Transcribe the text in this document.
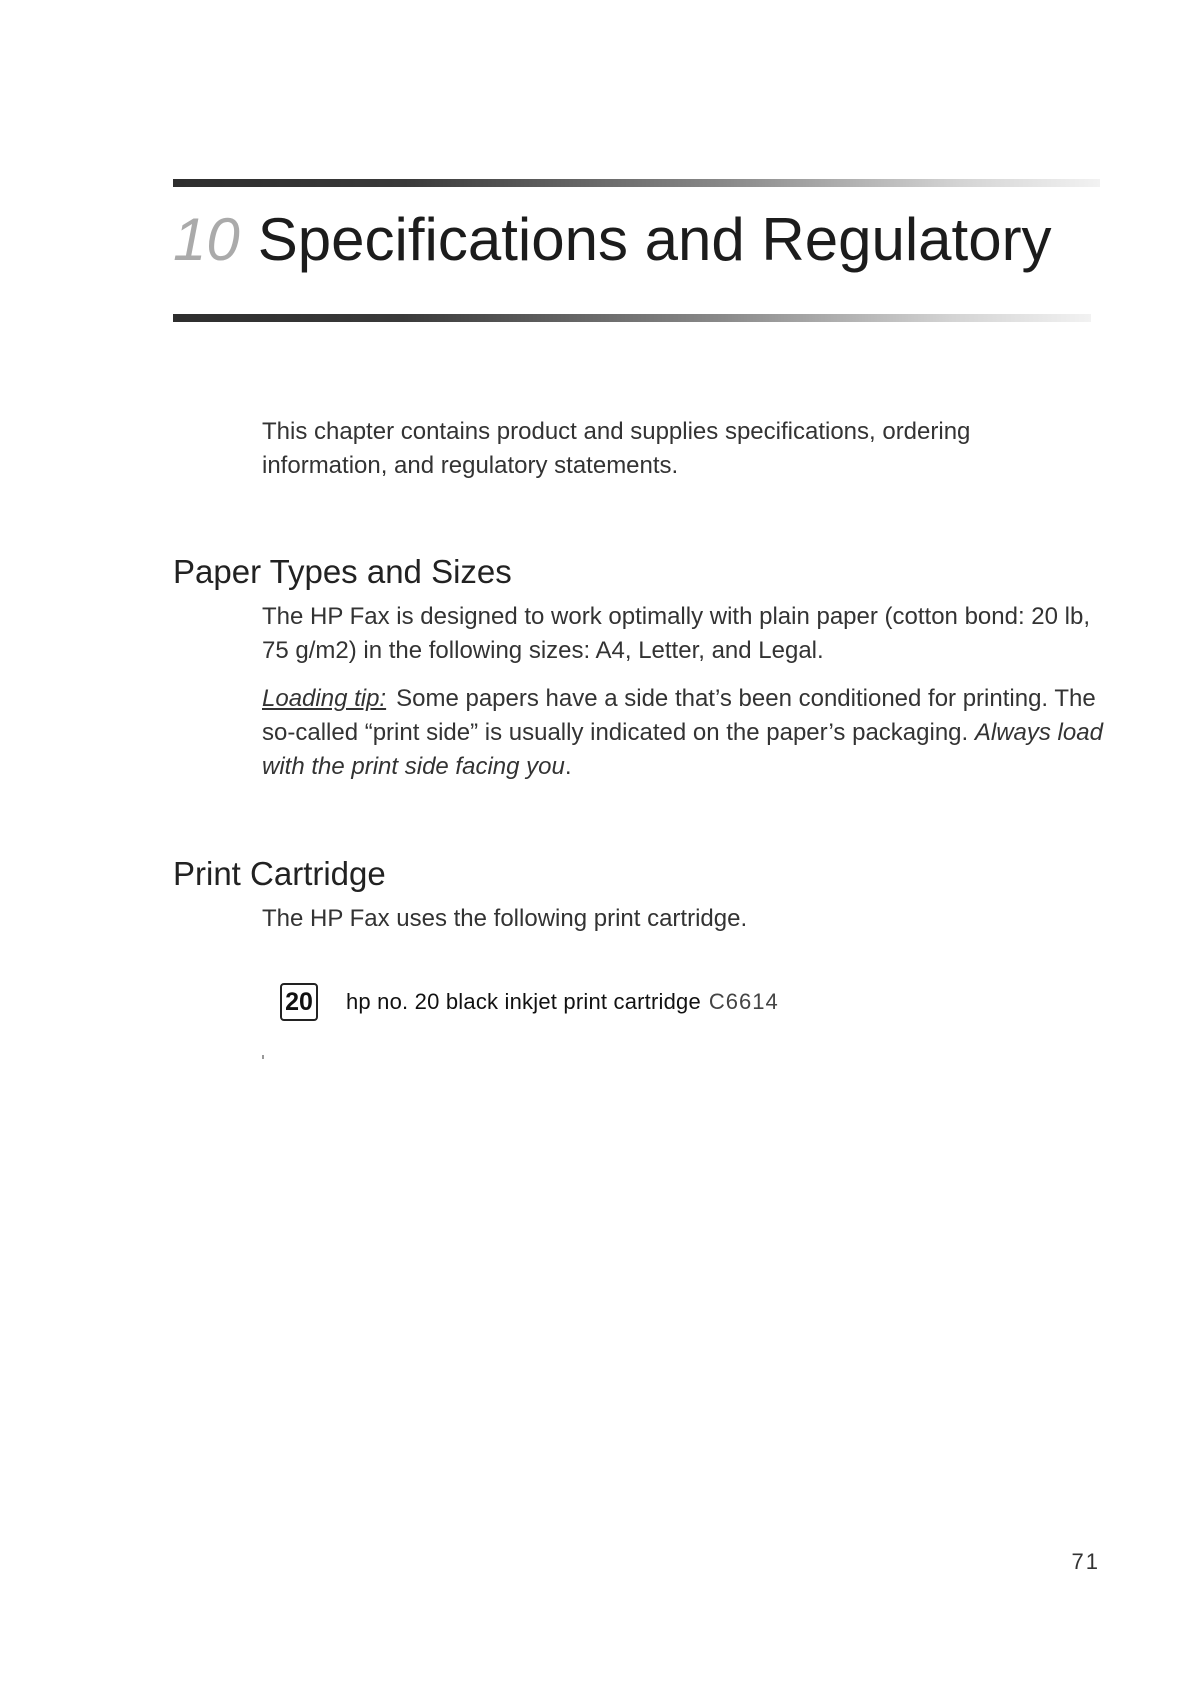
10 Specifications and Regulatory

This chapter contains product and supplies specifications, ordering information, and regulatory statements.

Paper Types and Sizes

The HP Fax is designed to work optimally with plain paper (cotton bond: 20 lb, 75 g/m2) in the following sizes: A4, Letter, and Legal.

Loading tip: Some papers have a side that’s been conditioned for printing. The so-called “print side” is usually indicated on the paper’s packaging. Always load with the print side facing you.

Print Cartridge

The HP Fax uses the following print cartridge.

20 hp no. 20 black inkjet print cartridge C6614
71
